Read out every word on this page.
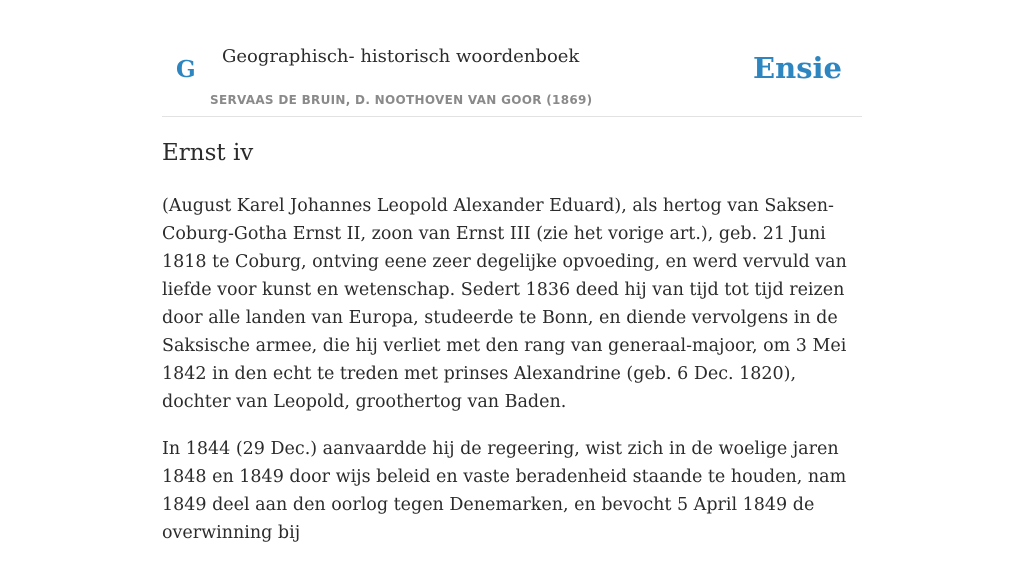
G Geographisch- historisch woordenboek
SERVAAS DE BRUIN, D. NOOTHOVEN VAN GOOR (1869)
Ensie
Ernst iv

(August Karel Johannes Leopold Alexander Eduard), als hertog van Saksen-Coburg-Gotha Ernst II, zoon van Ernst III (zie het vorige art.), geb. 21 Juni 1818 te Coburg, ontving eene zeer degelijke opvoeding, en werd vervuld van liefde voor kunst en wetenschap. Sedert 1836 deed hij van tijd tot tijd reizen door alle landen van Europa, studeerde te Bonn, en diende vervolgens in de Saksische armee, die hij verliet met den rang van generaal-majoor, om 3 Mei 1842 in den echt te treden met prinses Alexandrine (geb. 6 Dec. 1820), dochter van Leopold, groothertog van Baden.

In 1844 (29 Dec.) aanvaardde hij de regeering, wist zich in de woelige jaren 1848 en 1849 door wijs beleid en vaste beradenheid staande te houden, nam 1849 deel aan den oorlog tegen Denemarken, en bevocht 5 April 1849 de overwinning bij
